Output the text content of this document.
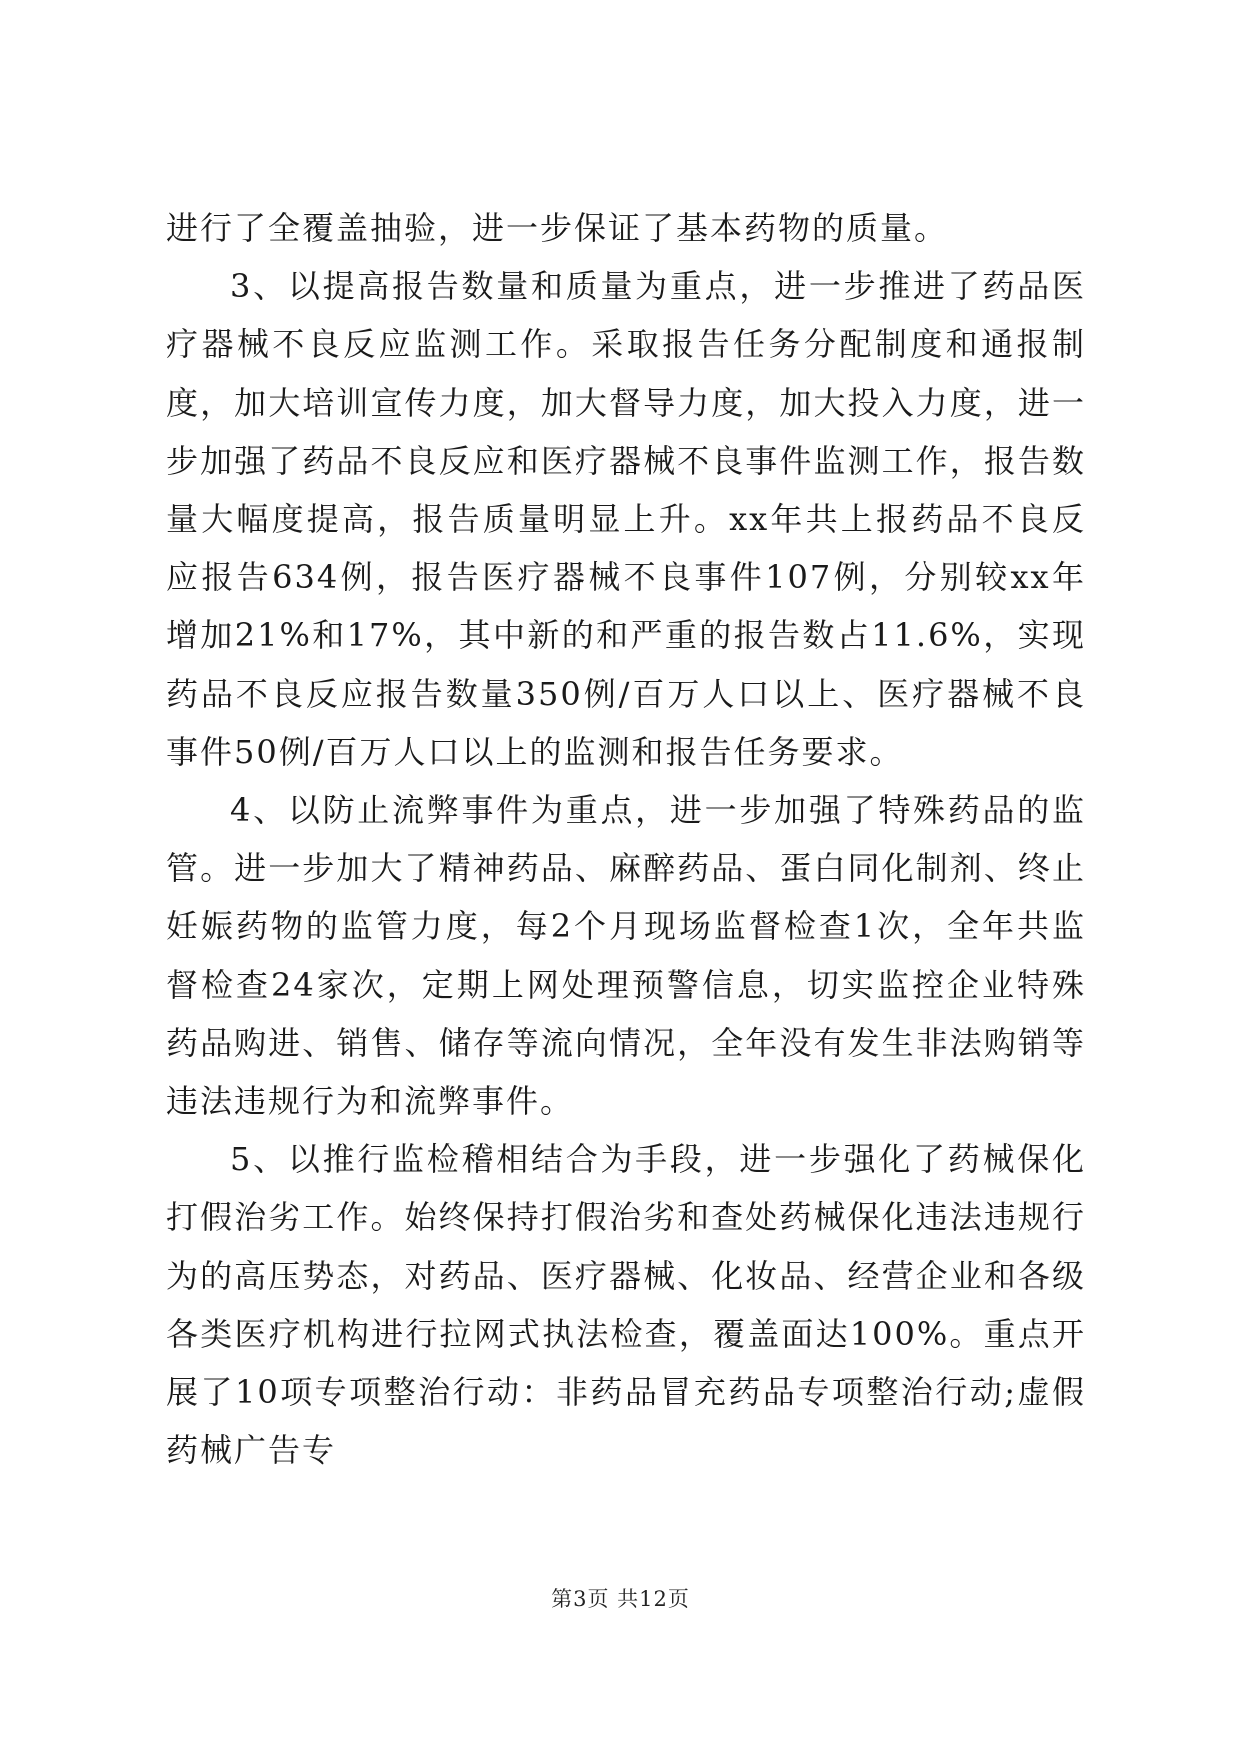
进行了全覆盖抽验，进一步保证了基本药物的质量。

3、以提高报告数量和质量为重点，进一步推进了药品医疗器械不良反应监测工作。采取报告任务分配制度和通报制度，加大培训宣传力度，加大督导力度，加大投入力度，进一步加强了药品不良反应和医疗器械不良事件监测工作，报告数量大幅度提高，报告质量明显上升。xx年共上报药品不良反应报告634例，报告医疗器械不良事件107例，分别较xx年增加21%和17%，其中新的和严重的报告数占11.6%，实现药品不良反应报告数量350例/百万人口以上、医疗器械不良事件50例/百万人口以上的监测和报告任务要求。

4、以防止流弊事件为重点，进一步加强了特殊药品的监管。进一步加大了精神药品、麻醉药品、蛋白同化制剂、终止妊娠药物的监管力度，每2个月现场监督检查1次，全年共监督检查24家次，定期上网处理预警信息，切实监控企业特殊药品购进、销售、储存等流向情况，全年没有发生非法购销等违法违规行为和流弊事件。

5、以推行监检稽相结合为手段，进一步强化了药械保化打假治劣工作。始终保持打假治劣和查处药械保化违法违规行为的高压势态，对药品、医疗器械、化妆品、经营企业和各级各类医疗机构进行拉网式执法检查，覆盖面达100%。重点开展了10项专项整治行动：非药品冒充药品专项整治行动;虚假药械广告专

第3页 共12页
